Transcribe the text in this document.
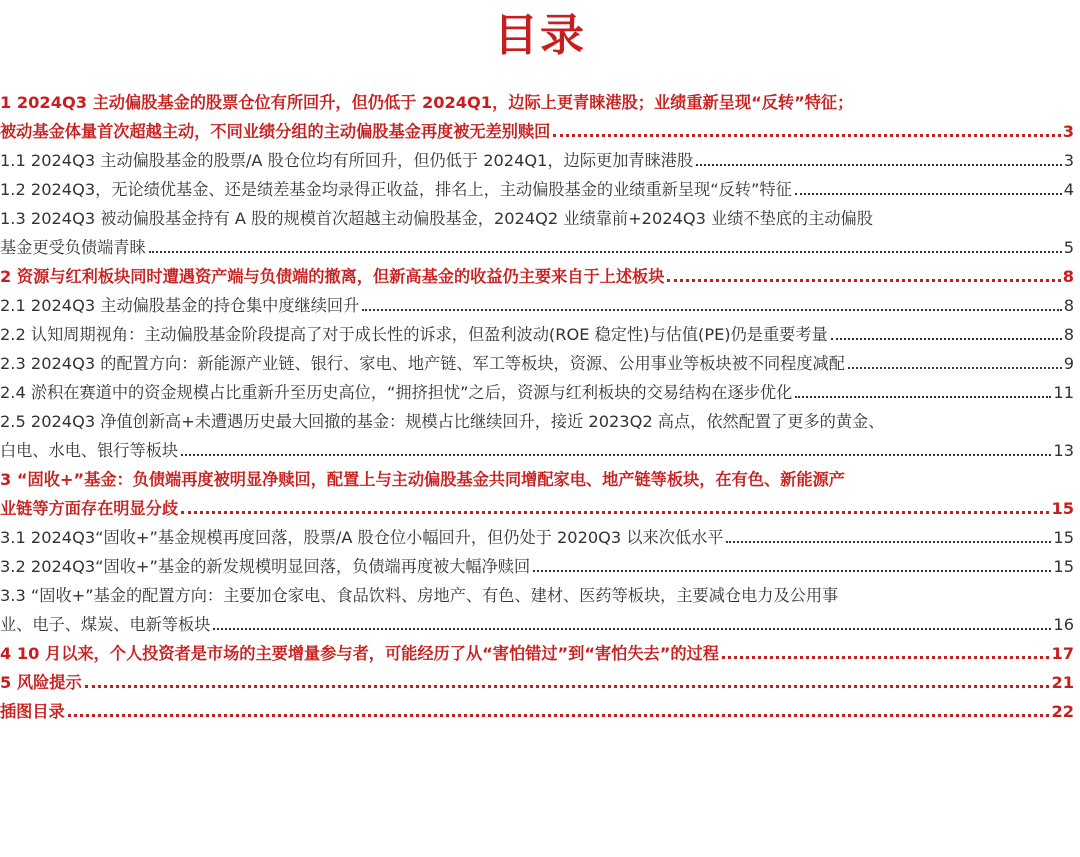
目录
1 2024Q3 主动偏股基金的股票仓位有所回升，但仍低于 2024Q1，边际上更青睐港股；业绩重新呈现“反转”特征；
被动基金体量首次超越主动，不同业绩分组的主动偏股基金再度被无差别赎回	3
1.1 2024Q3 主动偏股基金的股票/A 股仓位均有所回升，但仍低于 2024Q1，边际更加青睐港股	3
1.2 2024Q3，无论绩优基金、还是绩差基金均录得正收益，排名上，主动偏股基金的业绩重新呈现“反转”特征	4
1.3 2024Q3 被动偏股基金持有 A 股的规模首次超越主动偏股基金，2024Q2 业绩靠前+2024Q3 业绩不垫底的主动偏股
基金更受负债端青睐	5
2 资源与红利板块同时遭遇资产端与负债端的撤离，但新高基金的收益仍主要来自于上述板块	8
2.1 2024Q3 主动偏股基金的持仓集中度继续回升	8
2.2 认知周期视角：主动偏股基金阶段提高了对于成长性的诉求，但盈利波动(ROE 稳定性)与估值(PE)仍是重要考量	8
2.3 2024Q3 的配置方向：新能源产业链、银行、家电、地产链、军工等板块，资源、公用事业等板块被不同程度减配	9
2.4 淤积在赛道中的资金规模占比重新升至历史高位，“拥挤担忧”之后，资源与红利板块的交易结构在逐步优化	11
2.5 2024Q3 净值创新高+未遭遇历史最大回撤的基金：规模占比继续回升，接近 2023Q2 高点，依然配置了更多的黄金、
白电、水电、银行等板块	13
3 “固收+”基金：负债端再度被明显净赎回，配置上与主动偏股基金共同增配家电、地产链等板块，在有色、新能源产
业链等方面存在明显分歧	15
3.1 2024Q3“固收+”基金规模再度回落，股票/A 股仓位小幅回升，但仍处于 2020Q3 以来次低水平	15
3.2 2024Q3“固收+”基金的新发规模明显回落，负债端再度被大幅净赎回	15
3.3 “固收+”基金的配置方向：主要加仓家电、食品饮料、房地产、有色、建材、医药等板块，主要减仓电力及公用事
业、电子、煤炭、电新等板块	16
4 10 月以来，个人投资者是市场的主要增量参与者，可能经历了从“害怕错过”到“害怕失去”的过程	17
5 风险提示	21
插图目录	22
